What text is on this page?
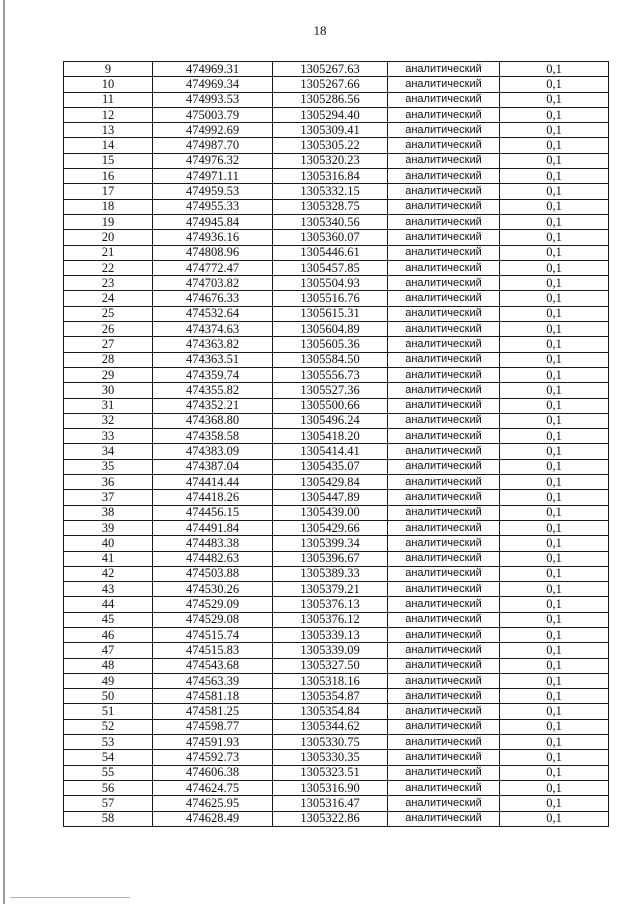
18
9	474969.31	1305267.63	аналитический	0,1
10	474969.34	1305267.66	аналитический	0,1
11	474993.53	1305286.56	аналитический	0,1
12	475003.79	1305294.40	аналитический	0,1
13	474992.69	1305309.41	аналитический	0,1
14	474987.70	1305305.22	аналитический	0,1
15	474976.32	1305320.23	аналитический	0,1
16	474971.11	1305316.84	аналитический	0,1
17	474959.53	1305332.15	аналитический	0,1
18	474955.33	1305328.75	аналитический	0,1
19	474945.84	1305340.56	аналитический	0,1
20	474936.16	1305360.07	аналитический	0,1
21	474808.96	1305446.61	аналитический	0,1
22	474772.47	1305457.85	аналитический	0,1
23	474703.82	1305504.93	аналитический	0,1
24	474676.33	1305516.76	аналитический	0,1
25	474532.64	1305615.31	аналитический	0,1
26	474374.63	1305604.89	аналитический	0,1
27	474363.82	1305605.36	аналитический	0,1
28	474363.51	1305584.50	аналитический	0,1
29	474359.74	1305556.73	аналитический	0,1
30	474355.82	1305527.36	аналитический	0,1
31	474352.21	1305500.66	аналитический	0,1
32	474368.80	1305496.24	аналитический	0,1
33	474358.58	1305418.20	аналитический	0,1
34	474383.09	1305414.41	аналитический	0,1
35	474387.04	1305435.07	аналитический	0,1
36	474414.44	1305429.84	аналитический	0,1
37	474418.26	1305447.89	аналитический	0,1
38	474456.15	1305439.00	аналитический	0,1
39	474491.84	1305429.66	аналитический	0,1
40	474483.38	1305399.34	аналитический	0,1
41	474482.63	1305396.67	аналитический	0,1
42	474503.88	1305389.33	аналитический	0,1
43	474530.26	1305379.21	аналитический	0,1
44	474529.09	1305376.13	аналитический	0,1
45	474529.08	1305376.12	аналитический	0,1
46	474515.74	1305339.13	аналитический	0,1
47	474515.83	1305339.09	аналитический	0,1
48	474543.68	1305327.50	аналитический	0,1
49	474563.39	1305318.16	аналитический	0,1
50	474581.18	1305354.87	аналитический	0,1
51	474581.25	1305354.84	аналитический	0,1
52	474598.77	1305344.62	аналитический	0,1
53	474591.93	1305330.75	аналитический	0,1
54	474592.73	1305330.35	аналитический	0,1
55	474606.38	1305323.51	аналитический	0,1
56	474624.75	1305316.90	аналитический	0,1
57	474625.95	1305316.47	аналитический	0,1
58	474628.49	1305322.86	аналитический	0,1
